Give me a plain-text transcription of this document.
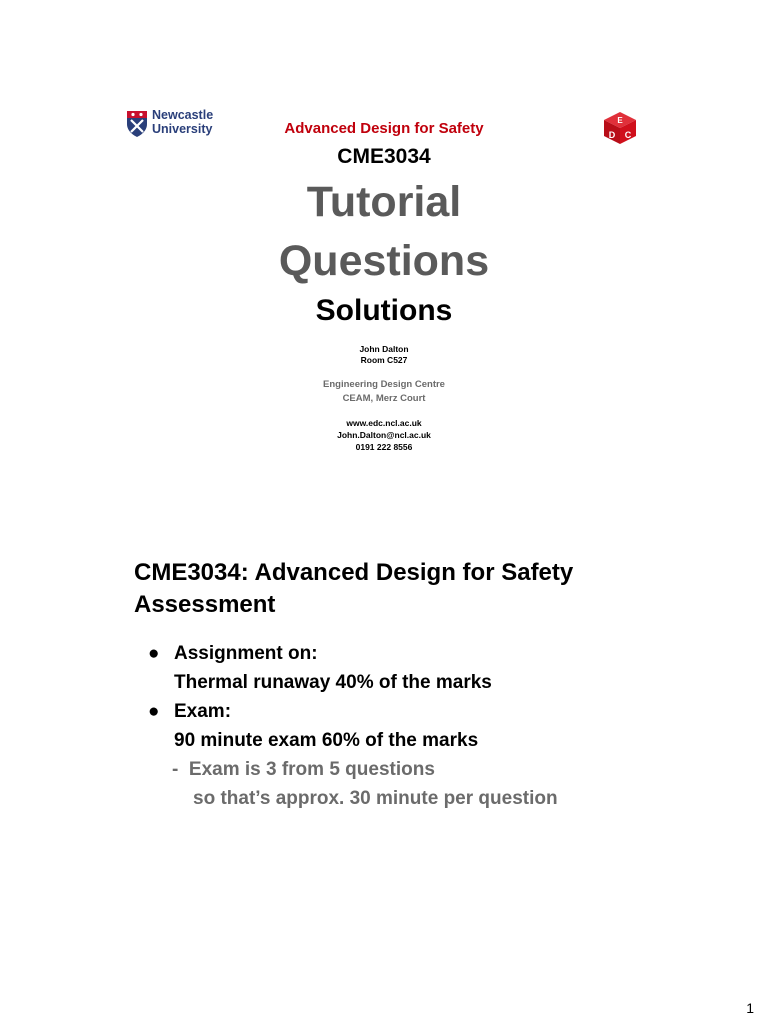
Newcastle
University
E
D C
Advanced Design for Safety
CME3034
Tutorial
Questions
Solutions
John Dalton
Room C527
Engineering Design Centre
CEAM, Merz Court
www.edc.ncl.ac.uk
John.Dalton@ncl.ac.uk
0191 222 8556
CME3034: Advanced Design for Safety
Assessment
● Assignment on:
Thermal runaway 40% of the marks
● Exam:
90 minute exam 60% of the marks
- Exam is 3 from 5 questions
so that’s approx. 30 minute per question
1
